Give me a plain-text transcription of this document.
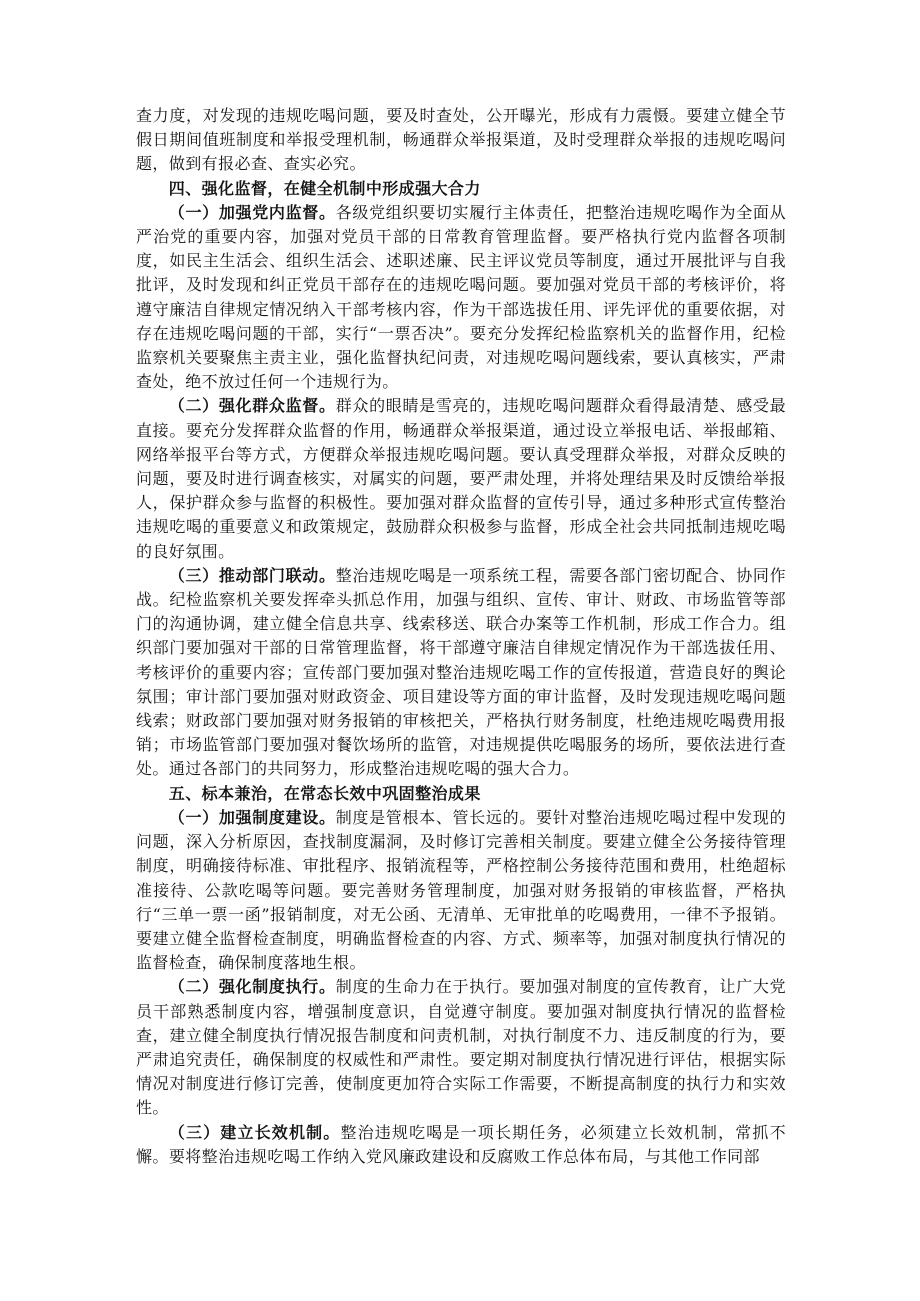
查力度，对发现的违规吃喝问题，要及时查处，公开曝光，形成有力震慑。要建立健全节假日期间值班制度和举报受理机制，畅通群众举报渠道，及时受理群众举报的违规吃喝问题，做到有报必查、查实必究。

四、强化监督，在健全机制中形成强大合力

（一）加强党内监督。各级党组织要切实履行主体责任，把整治违规吃喝作为全面从严治党的重要内容，加强对党员干部的日常教育管理监督。要严格执行党内监督各项制度，如民主生活会、组织生活会、述职述廉、民主评议党员等制度，通过开展批评与自我批评，及时发现和纠正党员干部存在的违规吃喝问题。要加强对党员干部的考核评价，将遵守廉洁自律规定情况纳入干部考核内容，作为干部选拔任用、评先评优的重要依据，对存在违规吃喝问题的干部，实行“一票否决”。要充分发挥纪检监察机关的监督作用，纪检监察机关要聚焦主责主业，强化监督执纪问责，对违规吃喝问题线索，要认真核实，严肃查处，绝不放过任何一个违规行为。

（二）强化群众监督。群众的眼睛是雪亮的，违规吃喝问题群众看得最清楚、感受最直接。要充分发挥群众监督的作用，畅通群众举报渠道，通过设立举报电话、举报邮箱、网络举报平台等方式，方便群众举报违规吃喝问题。要认真受理群众举报，对群众反映的问题，要及时进行调查核实，对属实的问题，要严肃处理，并将处理结果及时反馈给举报人，保护群众参与监督的积极性。要加强对群众监督的宣传引导，通过多种形式宣传整治违规吃喝的重要意义和政策规定，鼓励群众积极参与监督，形成全社会共同抵制违规吃喝的良好氛围。

（三）推动部门联动。整治违规吃喝是一项系统工程，需要各部门密切配合、协同作战。纪检监察机关要发挥牵头抓总作用，加强与组织、宣传、审计、财政、市场监管等部门的沟通协调，建立健全信息共享、线索移送、联合办案等工作机制，形成工作合力。组织部门要加强对干部的日常管理监督，将干部遵守廉洁自律规定情况作为干部选拔任用、考核评价的重要内容；宣传部门要加强对整治违规吃喝工作的宣传报道，营造良好的舆论氛围；审计部门要加强对财政资金、项目建设等方面的审计监督，及时发现违规吃喝问题线索；财政部门要加强对财务报销的审核把关，严格执行财务制度，杜绝违规吃喝费用报销；市场监管部门要加强对餐饮场所的监管，对违规提供吃喝服务的场所，要依法进行查处。通过各部门的共同努力，形成整治违规吃喝的强大合力。

五、标本兼治，在常态长效中巩固整治成果

（一）加强制度建设。制度是管根本、管长远的。要针对整治违规吃喝过程中发现的问题，深入分析原因，查找制度漏洞，及时修订完善相关制度。要建立健全公务接待管理制度，明确接待标准、审批程序、报销流程等，严格控制公务接待范围和费用，杜绝超标准接待、公款吃喝等问题。要完善财务管理制度，加强对财务报销的审核监督，严格执行“三单一票一函”报销制度，对无公函、无清单、无审批单的吃喝费用，一律不予报销。要建立健全监督检查制度，明确监督检查的内容、方式、频率等，加强对制度执行情况的监督检查，确保制度落地生根。

（二）强化制度执行。制度的生命力在于执行。要加强对制度的宣传教育，让广大党员干部熟悉制度内容，增强制度意识，自觉遵守制度。要加强对制度执行情况的监督检查，建立健全制度执行情况报告制度和问责机制，对执行制度不力、违反制度的行为，要严肃追究责任，确保制度的权威性和严肃性。要定期对制度执行情况进行评估，根据实际情况对制度进行修订完善，使制度更加符合实际工作需要，不断提高制度的执行力和实效性。

（三）建立长效机制。整治违规吃喝是一项长期任务，必须建立长效机制，常抓不懈。要将整治违规吃喝工作纳入党风廉政建设和反腐败工作总体布局，与其他工作同部
